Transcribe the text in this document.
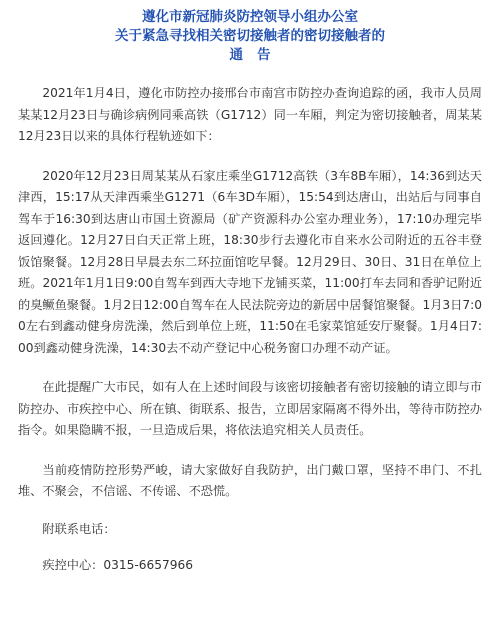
遵化市新冠肺炎防控领导小组办公室
关于紧急寻找相关密切接触者的密切接触者的
通告

2021年1月4日，遵化市防控办接邢台市南宫市防控办查询追踪的函，我市人员周某某12月23日与确诊病例同乘高铁（G1712）同一车厢，判定为密切接触者，周某某12月23日以来的具体行程轨迹如下：

2020年12月23日周某某从石家庄乘坐G1712高铁（3车8B车厢），14:36到达天津西，15:17从天津西乘坐G1271（6车3D车厢），15:54到达唐山，出站后与同事自驾车于16:30到达唐山市国土资源局（矿产资源科办公室办理业务），17:10办理完毕返回遵化。12月27日白天正常上班，18:30步行去遵化市自来水公司附近的五谷丰登饭馆聚餐。12月28日早晨去东二环拉面馆吃早餐。12月29日、30日、31日在单位上班。2021年1月1日9:00自驾车到西大寺地下龙铺买菜，11:00打车去同和香驴记附近的臭鳜鱼聚餐。1月2日12:00自驾车在人民法院旁边的新居中居餐馆聚餐。1月3日7:00左右到鑫动健身房洗澡，然后到单位上班，11:50在毛家菜馆延安厅聚餐。1月4日7:00到鑫动健身洗澡，14:30去不动产登记中心税务窗口办理不动产证。

在此提醒广大市民，如有人在上述时间段与该密切接触者有密切接触的请立即与市防控办、市疾控中心、所在镇、街联系、报告，立即居家隔离不得外出，等待市防控办指令。如果隐瞒不报，一旦造成后果，将依法追究相关人员责任。

当前疫情防控形势严峻，请大家做好自我防护，出门戴口罩，坚持不串门、不扎堆、不聚会，不信谣、不传谣、不恐慌。

附联系电话：

疾控中心：0315-6657966
